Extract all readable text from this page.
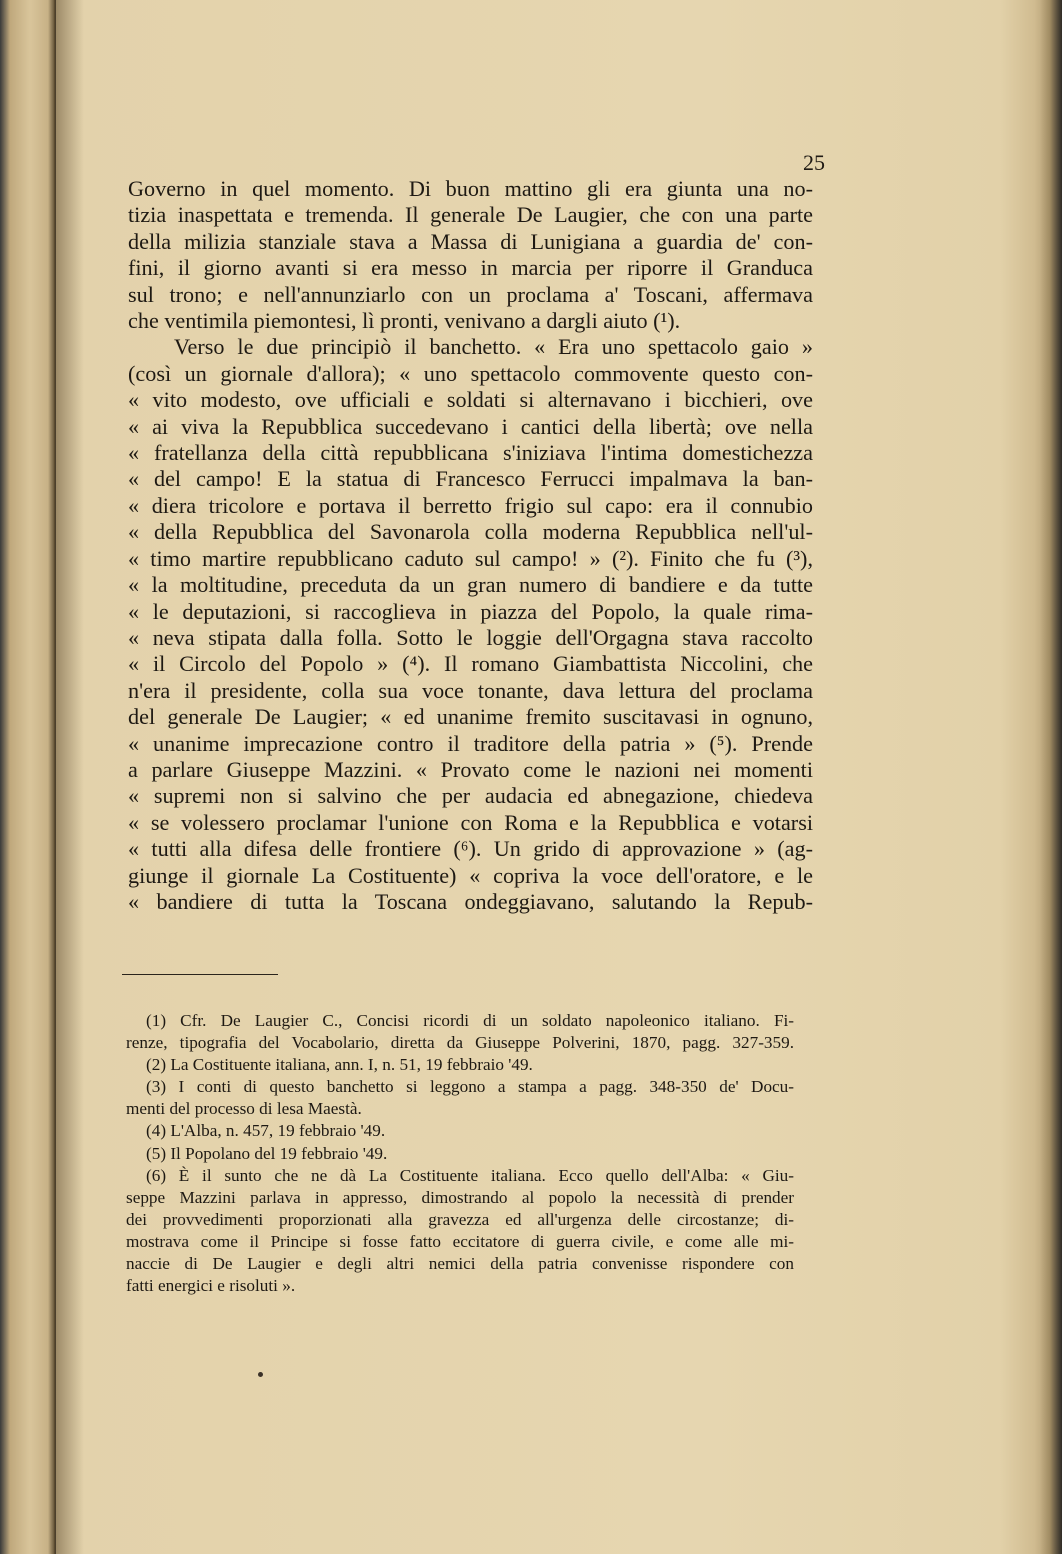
25
Governo in quel momento. Di buon mattino gli era giunta una no-
tizia inaspettata e tremenda. Il generale De Laugier, che con una parte
della milizia stanziale stava a Massa di Lunigiana a guardia de' con-
fini, il giorno avanti si era messo in marcia per riporre il Granduca
sul trono; e nell'annunziarlo con un proclama a' Toscani, affermava
che ventimila piemontesi, lì pronti, venivano a dargli aiuto (¹).
Verso le due principiò il banchetto. « Era uno spettacolo gaio »
(così un giornale d'allora); « uno spettacolo commovente questo con-
« vito modesto, ove ufficiali e soldati si alternavano i bicchieri, ove
« ai viva la Repubblica succedevano i cantici della libertà; ove nella
« fratellanza della città repubblicana s'iniziava l'intima domestichezza
« del campo! E la statua di Francesco Ferrucci impalmava la ban-
« diera tricolore e portava il berretto frigio sul capo: era il connubio
« della Repubblica del Savonarola colla moderna Repubblica nell'ul-
« timo martire repubblicano caduto sul campo! » (²). Finito che fu (³),
« la moltitudine, preceduta da un gran numero di bandiere e da tutte
« le deputazioni, si raccoglieva in piazza del Popolo, la quale rima-
« neva stipata dalla folla. Sotto le loggie dell'Orgagna stava raccolto
« il Circolo del Popolo » (⁴). Il romano Giambattista Niccolini, che
n'era il presidente, colla sua voce tonante, dava lettura del proclama
del generale De Laugier; « ed unanime fremito suscitavasi in ognuno,
« unanime imprecazione contro il traditore della patria » (⁵). Prende
a parlare Giuseppe Mazzini. « Provato come le nazioni nei momenti
« supremi non si salvino che per audacia ed abnegazione, chiedeva
« se volessero proclamar l'unione con Roma e la Repubblica e votarsi
« tutti alla difesa delle frontiere (⁶). Un grido di approvazione » (ag-
giunge il giornale La Costituente) « copriva la voce dell'oratore, e le
« bandiere di tutta la Toscana ondeggiavano, salutando la Repub-
(1) Cfr. De Laugier C., Concisi ricordi di un soldato napoleonico italiano. Fi-
renze, tipografia del Vocabolario, diretta da Giuseppe Polverini, 1870, pagg. 327-359.
(2) La Costituente italiana, ann. I, n. 51, 19 febbraio '49.
(3) I conti di questo banchetto si leggono a stampa a pagg. 348-350 de' Docu-
menti del processo di lesa Maestà.
(4) L'Alba, n. 457, 19 febbraio '49.
(5) Il Popolano del 19 febbraio '49.
(6) È il sunto che ne dà La Costituente italiana. Ecco quello dell'Alba: « Giu-
seppe Mazzini parlava in appresso, dimostrando al popolo la necessità di prender
dei provvedimenti proporzionati alla gravezza ed all'urgenza delle circostanze; di-
mostrava come il Principe si fosse fatto eccitatore di guerra civile, e come alle mi-
naccie di De Laugier e degli altri nemici della patria convenisse rispondere con
fatti energici e risoluti ».
